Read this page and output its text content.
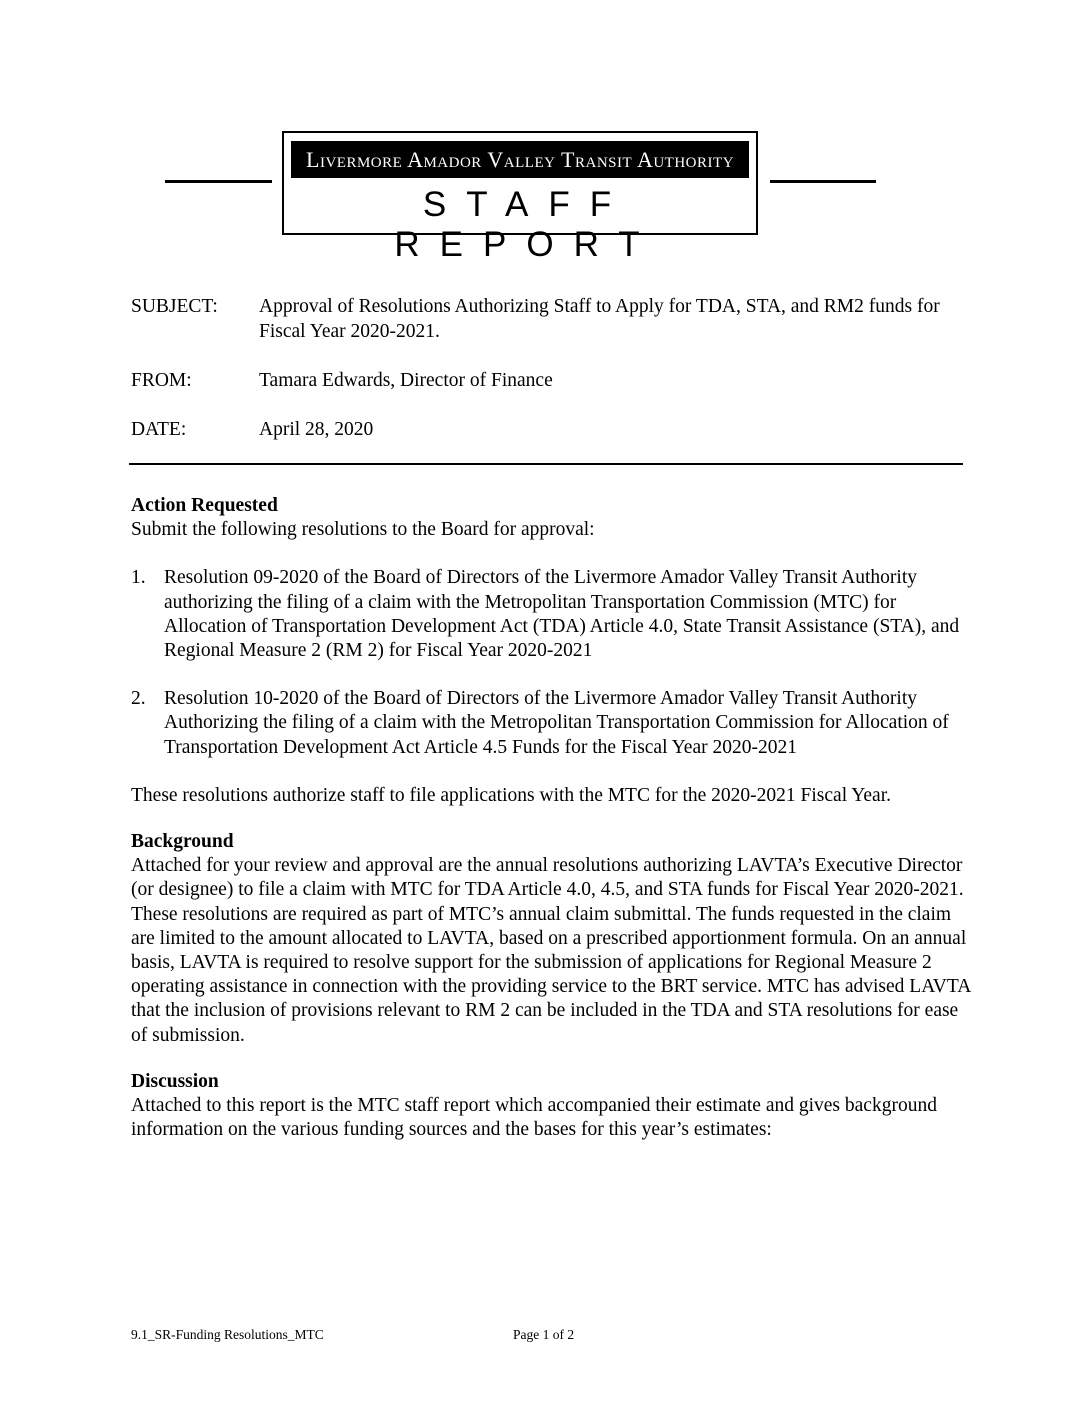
Livermore Amador Valley Transit Authority
STAFF REPORT
SUBJECT:	Approval of Resolutions Authorizing Staff to Apply for TDA, STA, and RM2 funds for Fiscal Year 2020-2021.
FROM:	Tamara Edwards, Director of Finance
DATE:	April 28, 2020

Action Requested

Submit the following resolutions to the Board for approval:

1. Resolution 09-2020 of the Board of Directors of the Livermore Amador Valley Transit Authority authorizing the filing of a claim with the Metropolitan Transportation Commission (MTC) for Allocation of Transportation Development Act (TDA) Article 4.0, State Transit Assistance (STA), and Regional Measure 2 (RM 2) for Fiscal Year 2020-2021
2. Resolution 10-2020 of the Board of Directors of the Livermore Amador Valley Transit Authority Authorizing the filing of a claim with the Metropolitan Transportation Commission for Allocation of Transportation Development Act Article 4.5 Funds for the Fiscal Year 2020-2021

These resolutions authorize staff to file applications with the MTC for the 2020-2021 Fiscal Year.

Background

Attached for your review and approval are the annual resolutions authorizing LAVTA’s Executive Director (or designee) to file a claim with MTC for TDA Article 4.0, 4.5, and STA funds for Fiscal Year 2020-2021. These resolutions are required as part of MTC’s annual claim submittal. The funds requested in the claim are limited to the amount allocated to LAVTA, based on a prescribed apportionment formula. On an annual basis, LAVTA is required to resolve support for the submission of applications for Regional Measure 2 operating assistance in connection with the providing service to the BRT service. MTC has advised LAVTA that the inclusion of provisions relevant to RM 2 can be included in the TDA and STA resolutions for ease of submission.

Discussion

Attached to this report is the MTC staff report which accompanied their estimate and gives background information on the various funding sources and the bases for this year’s estimates:

9.1_SR-Funding Resolutions_MTC	Page 1 of 2
